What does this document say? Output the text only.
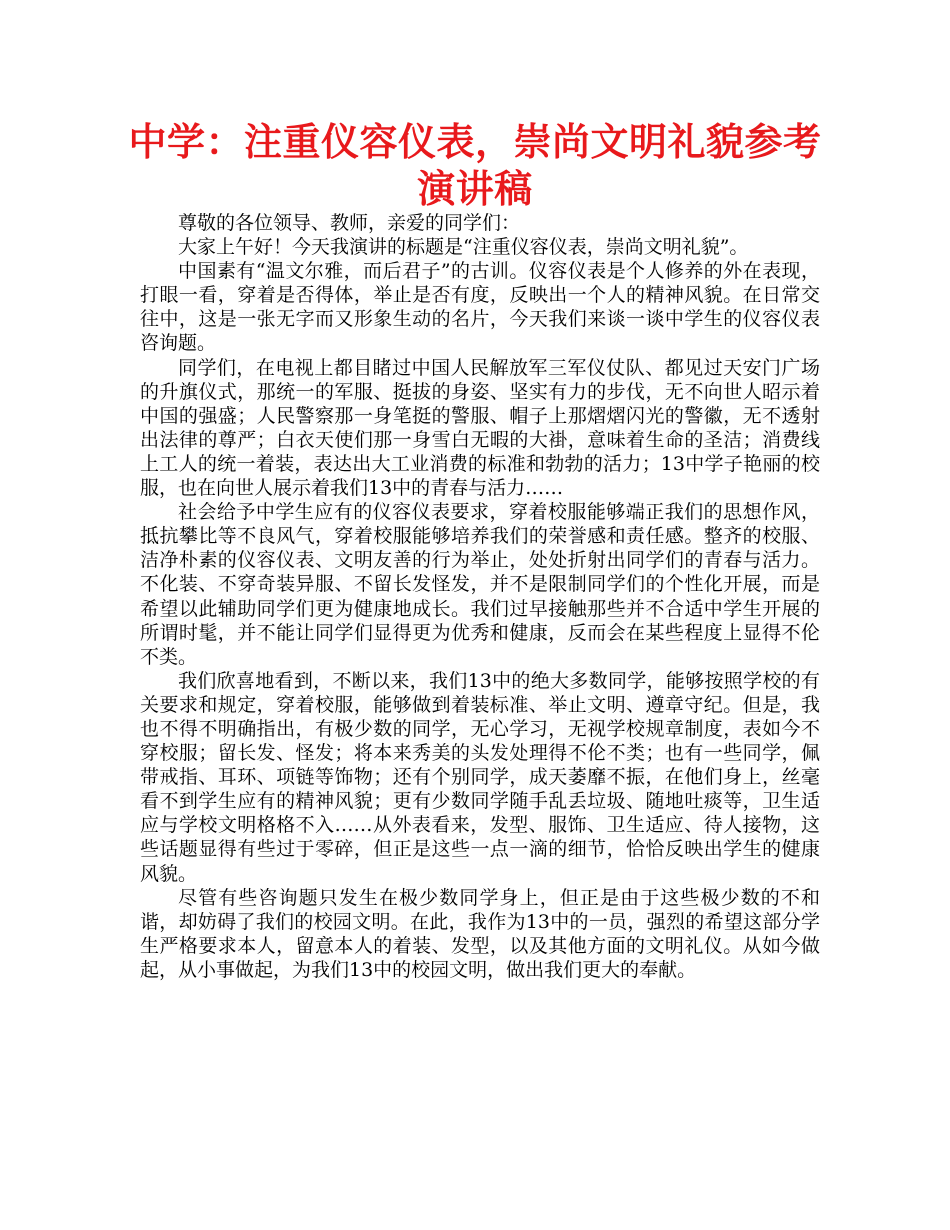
中学：注重仪容仪表，崇尚文明礼貌参考演讲稿

尊敬的各位领导、教师，亲爱的同学们：

大家上午好！今天我演讲的标题是“注重仪容仪表，崇尚文明礼貌”。

中国素有“温文尔雅，而后君子”的古训。仪容仪表是个人修养的外在表现，打眼一看，穿着是否得体，举止是否有度，反映出一个人的精神风貌。在日常交往中，这是一张无字而又形象生动的名片，今天我们来谈一谈中学生的仪容仪表咨询题。

同学们，在电视上都目睹过中国人民解放军三军仪仗队、都见过天安门广场的升旗仪式，那统一的军服、挺拔的身姿、坚实有力的步伐，无不向世人昭示着中国的强盛；人民警察那一身笔挺的警服、帽子上那熠熠闪光的警徽，无不透射出法律的尊严；白衣天使们那一身雪白无暇的大褂，意味着生命的圣洁；消费线上工人的统一着装，表达出大工业消费的标准和勃勃的活力；13中学子艳丽的校服，也在向世人展示着我们13中的青春与活力……

社会给予中学生应有的仪容仪表要求，穿着校服能够端正我们的思想作风，抵抗攀比等不良风气，穿着校服能够培养我们的荣誉感和责任感。整齐的校服、洁净朴素的仪容仪表、文明友善的行为举止，处处折射出同学们的青春与活力。不化装、不穿奇装异服、不留长发怪发，并不是限制同学们的个性化开展，而是希望以此辅助同学们更为健康地成长。我们过早接触那些并不合适中学生开展的所谓时髦，并不能让同学们显得更为优秀和健康，反而会在某些程度上显得不伦不类。

我们欣喜地看到，不断以来，我们13中的绝大多数同学，能够按照学校的有关要求和规定，穿着校服，能够做到着装标准、举止文明、遵章守纪。但是，我也不得不明确指出，有极少数的同学，无心学习，无视学校规章制度，表如今不穿校服；留长发、怪发；将本来秀美的头发处理得不伦不类；也有一些同学，佩带戒指、耳环、项链等饰物；还有个别同学，成天萎靡不振，在他们身上，丝毫看不到学生应有的精神风貌；更有少数同学随手乱丢垃圾、随地吐痰等，卫生适应与学校文明格格不入……从外表看来，发型、服饰、卫生适应、待人接物，这些话题显得有些过于零碎，但正是这些一点一滴的细节，恰恰反映出学生的健康风貌。

尽管有些咨询题只发生在极少数同学身上，但正是由于这些极少数的不和谐，却妨碍了我们的校园文明。在此，我作为13中的一员，强烈的希望这部分学生严格要求本人，留意本人的着装、发型，以及其他方面的文明礼仪。从如今做起，从小事做起，为我们13中的校园文明，做出我们更大的奉献。
